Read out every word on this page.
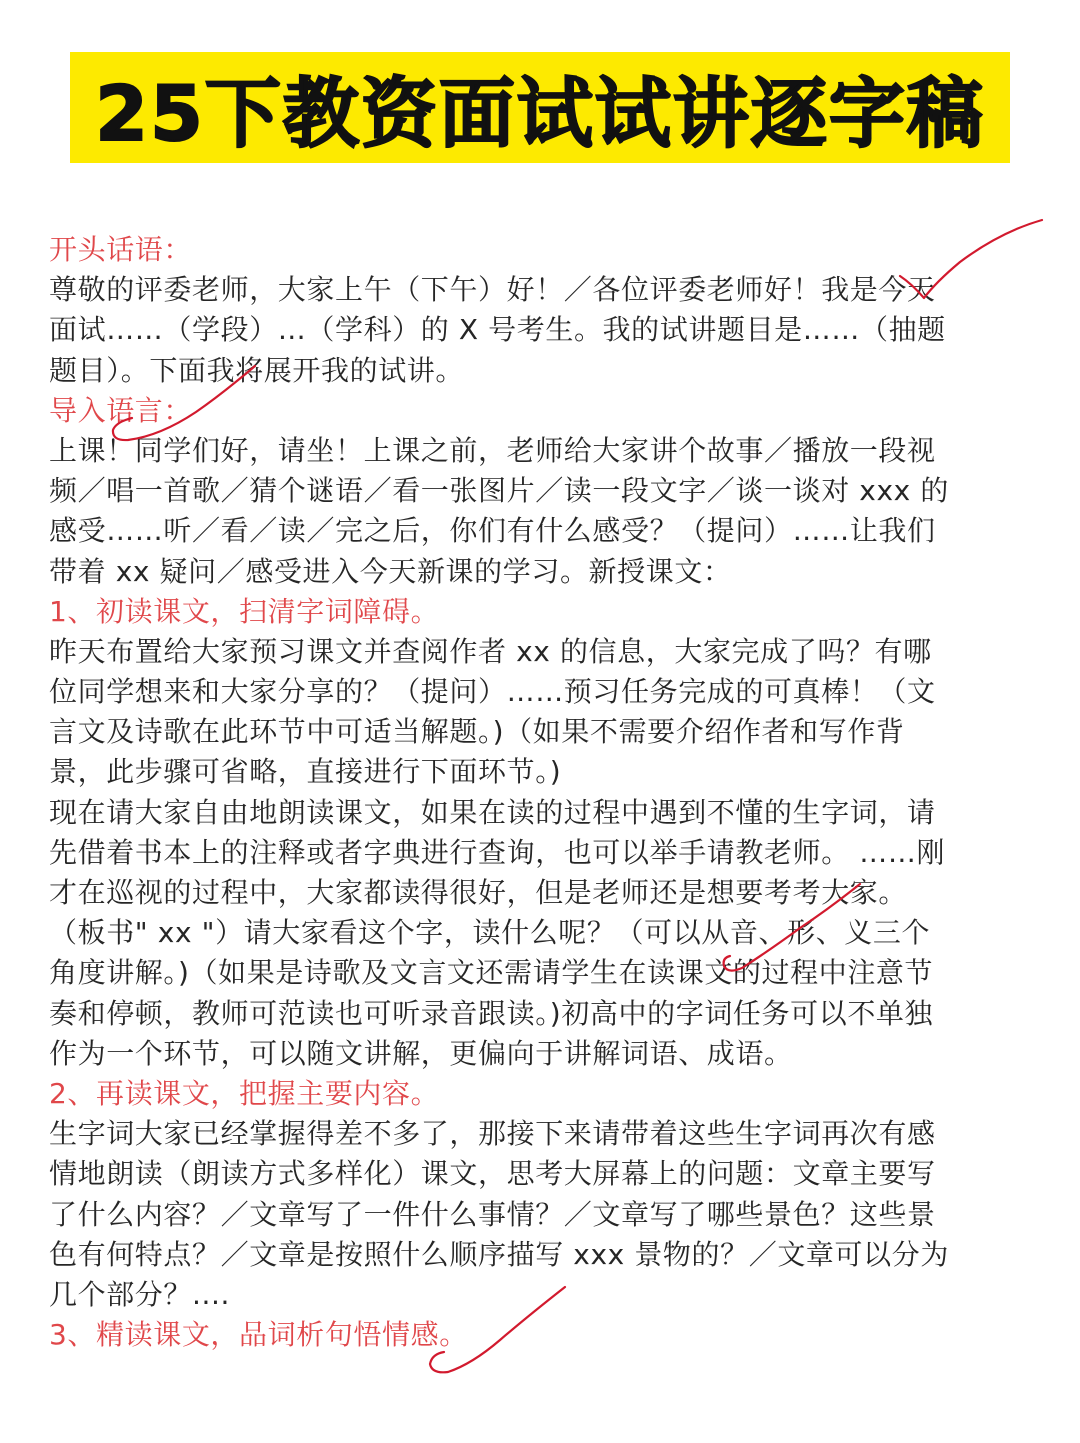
25下教资面试试讲逐字稿
开头话语：
尊敬的评委老师，大家上午（下午）好！／各位评委老师好！我是今天
面试……（学段）…（学科）的 X 号考生。我的试讲题目是……（抽题
题目）。下面我将展开我的试讲。
导入语言：
上课！同学们好，请坐！上课之前，老师给大家讲个故事／播放一段视
频／唱一首歌／猜个谜语／看一张图片／读一段文字／谈一谈对 xxx 的
感受……听／看／读／完之后，你们有什么感受？（提问）……让我们
带着 xx 疑问／感受进入今天新课的学习。新授课文：
1、初读课文，扫清字词障碍。
昨天布置给大家预习课文并查阅作者 xx 的信息，大家完成了吗？有哪
位同学想来和大家分享的？（提问）……预习任务完成的可真棒！（文
言文及诗歌在此环节中可适当解题。)（如果不需要介绍作者和写作背
景，此步骤可省略，直接进行下面环节。)
现在请大家自由地朗读课文，如果在读的过程中遇到不懂的生字词，请
先借着书本上的注释或者字典进行查询，也可以举手请教老师。 ……刚
才在巡视的过程中，大家都读得很好，但是老师还是想要考考大家。
（板书" xx "）请大家看这个字，读什么呢？（可以从音、形、义三个
角度讲解。)（如果是诗歌及文言文还需请学生在读课文的过程中注意节
奏和停顿，教师可范读也可听录音跟读。)初高中的字词任务可以不单独
作为一个环节，可以随文讲解，更偏向于讲解词语、成语。
2、再读课文，把握主要内容。
生字词大家已经掌握得差不多了，那接下来请带着这些生字词再次有感
情地朗读（朗读方式多样化）课文，思考大屏幕上的问题：文章主要写
了什么内容？／文章写了一件什么事情？／文章写了哪些景色？这些景
色有何特点？／文章是按照什么顺序描写 xxx 景物的？／文章可以分为
几个部分？....
3、精读课文，品词析句悟情感。
